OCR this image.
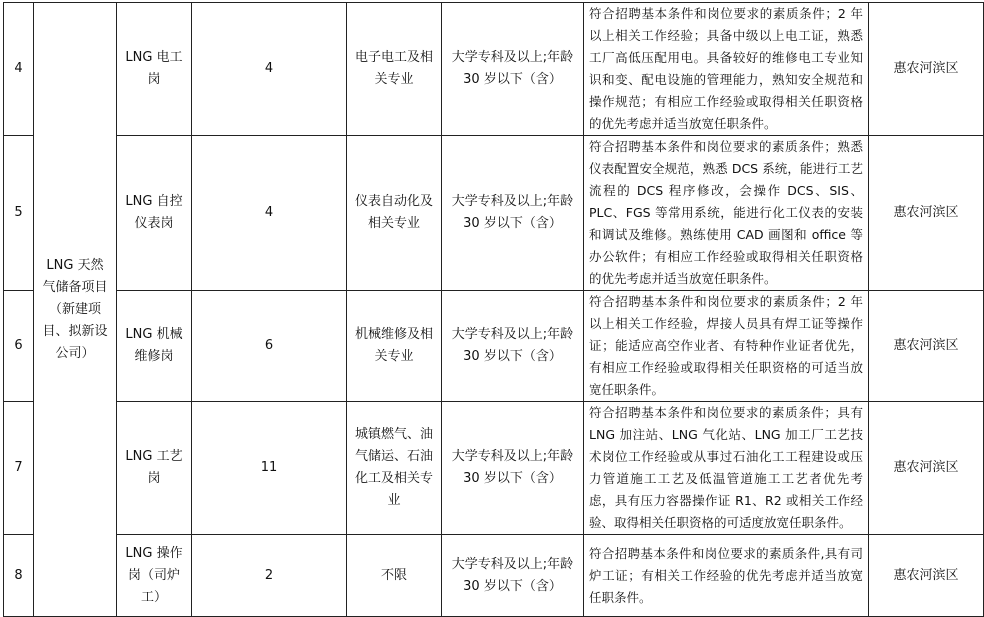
4	LNG 天然气储备项目（新建项目、拟新设公司）	LNG 电工岗	4	电子电工及相关专业	大学专科及以上;年龄 30 岁以下（含）	符合招聘基本条件和岗位要求的素质条件；2 年以上相关工作经验；具备中级以上电工证，熟悉工厂高低压配用电。具备较好的维修电工专业知识和变、配电设施的管理能力，熟知安全规范和操作规范；有相应工作经验或取得相关任职资格的优先考虑并适当放宽任职条件。	惠农河滨区
5		LNG 自控仪表岗	4	仪表自动化及相关专业	大学专科及以上;年龄 30 岁以下（含）	符合招聘基本条件和岗位要求的素质条件；熟悉仪表配置安全规范，熟悉 DCS 系统，能进行工艺流程的 DCS 程序修改，会操作 DCS、SIS、PLC、FGS 等常用系统，能进行化工仪表的安装和调试及维修。熟练使用 CAD 画图和 office 等办公软件；有相应工作经验或取得相关任职资格的优先考虑并适当放宽任职条件。	惠农河滨区
6		LNG 机械维修岗	6	机械维修及相关专业	大学专科及以上;年龄 30 岁以下（含）	符合招聘基本条件和岗位要求的素质条件；2 年以上相关工作经验，焊接人员具有焊工证等操作证；能适应高空作业者、有特种作业证者优先，有相应工作经验或取得相关任职资格的可适当放宽任职条件。	惠农河滨区
7		LNG 工艺岗	11	城镇燃气、油气储运、石油化工及相关专业	大学专科及以上;年龄 30 岁以下（含）	符合招聘基本条件和岗位要求的素质条件；具有 LNG 加注站、LNG 气化站、LNG 加工厂工艺技术岗位工作经验或从事过石油化工工程建设或压力管道施工工艺及低温管道施工工艺者优先考虑，具有压力容器操作证 R1、R2 或相关工作经验、取得相关任职资格的可适度放宽任职条件。	惠农河滨区
8		LNG 操作岗（司炉工）	2	不限	大学专科及以上;年龄 30 岁以下（含）	符合招聘基本条件和岗位要求的素质条件,具有司炉工证；有相关工作经验的优先考虑并适当放宽任职条件。	惠农河滨区
